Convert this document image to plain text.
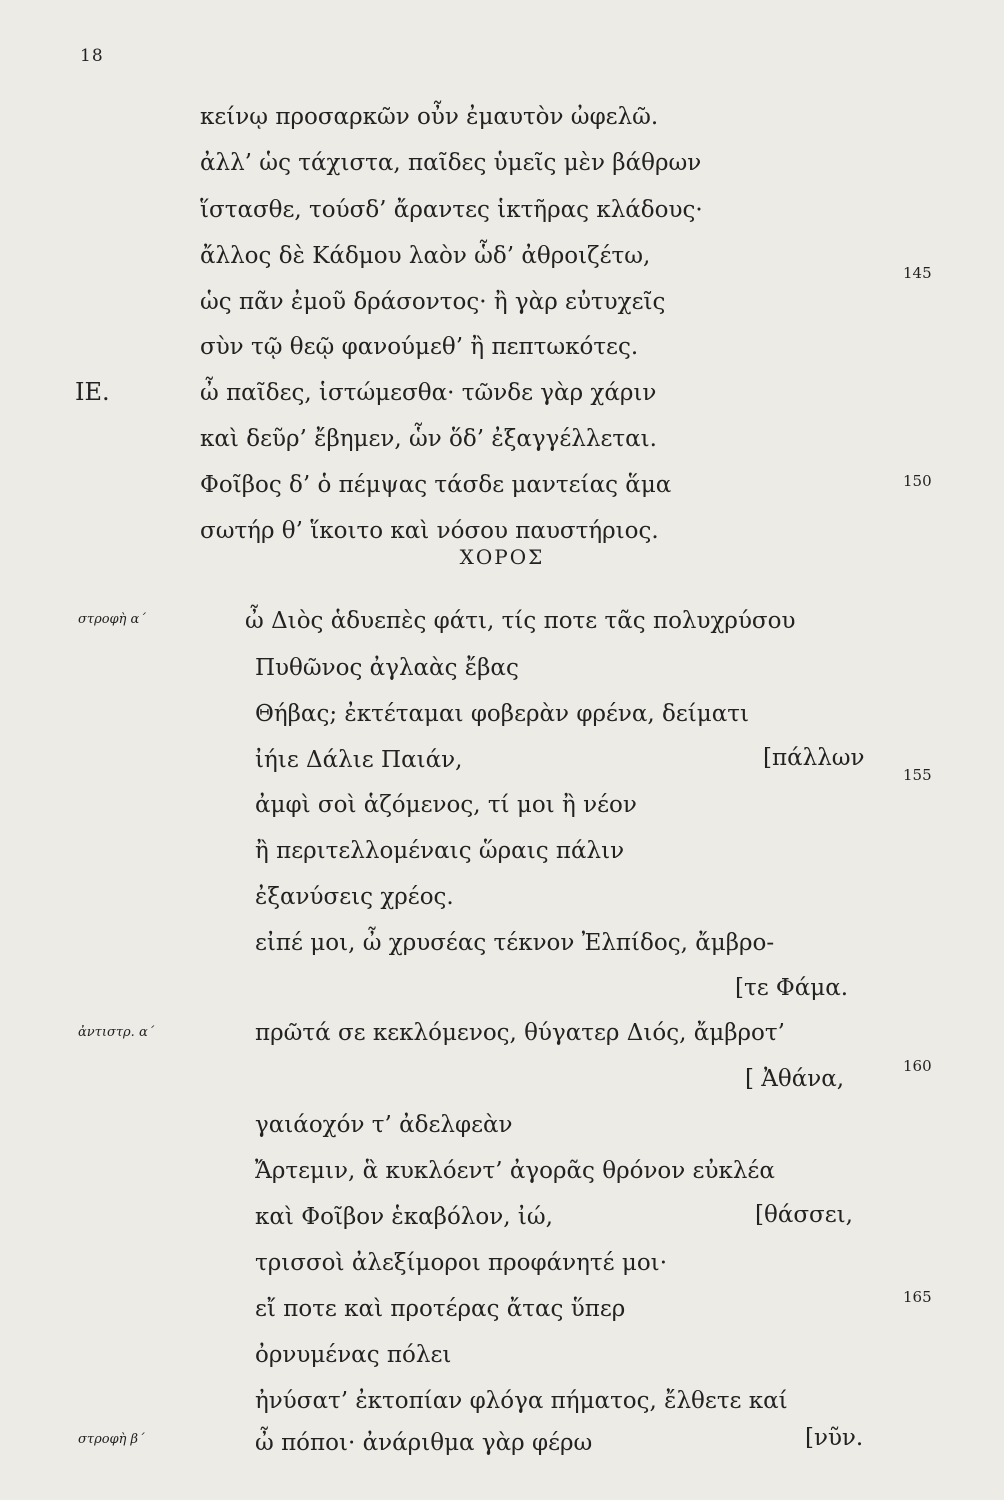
18
κείνῳ προσαρκῶν οὖν ἐμαυτὸν ὠφελῶ.
ἀλλ’ ὡς τάχιστα, παῖδες ὑμεῖς μὲν βάθρων
ἵστασθε, τούσδ’ ἄραντες ἱκτῆρας κλάδους·
ἄλλος δὲ Κάδμου λαὸν ὧδ’ ἀθροιζέτω,
ὡς πᾶν ἐμοῦ δράσοντος· ἢ γὰρ εὐτυχεῖς
145
σὺν τῷ θεῷ φανούμεθ’ ἢ πεπτωκότες.
ΙΕ.	ὦ παῖδες, ἱστώμεσθα· τῶνδε γὰρ χάριν
καὶ δεῦρ’ ἔβημεν, ὧν ὅδ’ ἐξαγγέλλεται.
Φοῖβος δ’ ὁ πέμψας τάσδε μαντείας ἅμα
σωτήρ θ’ ἵκοιτο καὶ νόσου παυστήριος.
150
ΧΟΡΟΣ
στροφὴ α΄	ὦ Διὸς ἁδυεπὲς φάτι, τίς ποτε τᾶς πολυχρύσου
Πυθῶνος ἀγλαὰς ἔβας
Θήβας; ἐκτέταμαι φοβερὰν φρένα, δείματι
ἰήιε Δάλιε Παιάν,	[πάλλων
ἀμφὶ σοὶ ἁζόμενος, τί μοι ἢ νέον
155
ἢ περιτελλομέναις ὥραις πάλιν
ἐξανύσεις χρέος.
εἰπέ μοι, ὦ χρυσέας τέκνον Ἐλπίδος, ἄμβρο-
[τε Φάμα.
ἀντιστρ. α΄	πρῶτά σε κεκλόμενος, θύγατερ Διός, ἄμβροτ’
[ Ἀθάνα,
γαιάοχόν τ’ ἀδελφεὰν
160
Ἄρτεμιν, ἃ κυκλόεντ’ ἀγορᾶς θρόνον εὐκλέα
καὶ Φοῖβον ἑκαβόλον, ἰώ,	[θάσσει,
τρισσοὶ ἀλεξίμοροι προφάνητέ μοι·
εἴ ποτε καὶ προτέρας ἄτας ὕπερ
ὀρνυμένας πόλει
165
ἠνύσατ’ ἐκτοπίαν φλόγα πήματος, ἔλθετε καί
στροφὴ β΄	ὦ πόποι· ἀνάριθμα γὰρ φέρω	[νῦν.
